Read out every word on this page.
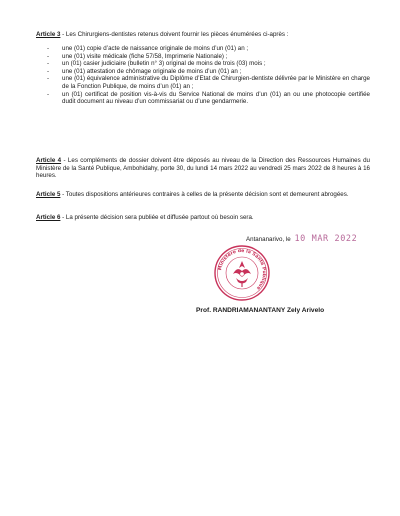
Article 3 - Les Chirurgiens-dentistes retenus doivent fournir les pièces énumérées ci-après :
- une (01) copie d’acte de naissance originale de moins d’un (01) an ;
- une (01) visite médicale (fiche 57/58, Imprimerie Nationale) ;
- un (01) casier judiciaire (bulletin n° 3) original de moins de trois (03) mois ;
- une (01) attestation de chômage originale de moins d’un (01) an ;
- une (01) équivalence administrative du Diplôme d’Etat de Chirurgien-dentiste délivrée par le Ministère en charge de la Fonction Publique, de moins d’un (01) an ;
- un (01) certificat de position vis-à-vis du Service National de moins d’un (01) an ou une photocopie certifiée dudit document au niveau d’un commissariat ou d’une gendarmerie.
Article 4 - Les compléments de dossier doivent être déposés au niveau de la Direction des Ressources Humaines du Ministère de la Santé Publique, Ambohidahy, porte 30, du lundi 14 mars 2022 au vendredi 25 mars 2022 de 8 heures à 16 heures.
Article 5 - Toutes dispositions antérieures contraires à celles de la présente décision sont et demeurent abrogées.
Article 6 - La présente décision sera publiée et diffusée partout où besoin sera.
Antananarivo, le 10 MAR 2022
Ministère de la Santé Publique
Prof. RANDRIAMANANTANY Zely Arivelo
